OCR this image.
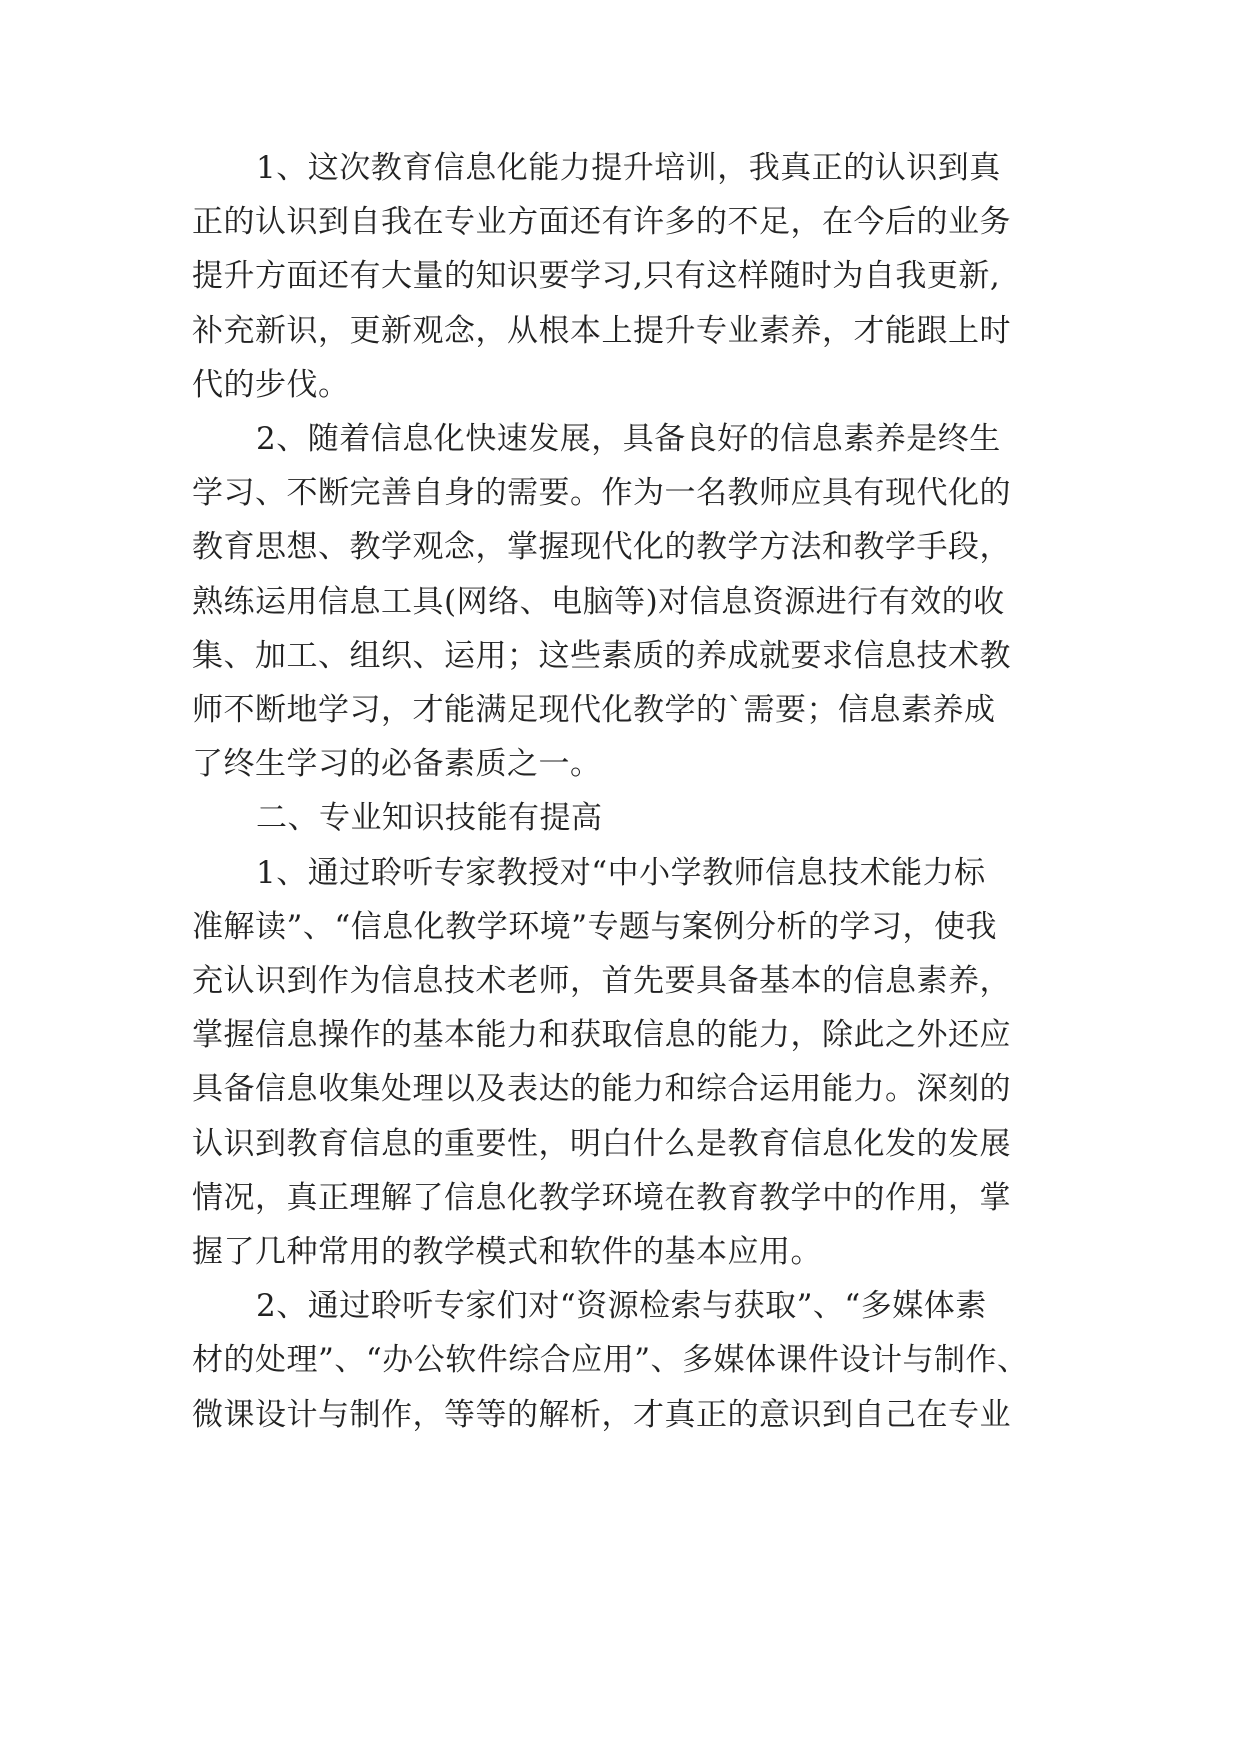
1、这次教育信息化能力提升培训，我真正的认识到真
正的认识到自我在专业方面还有许多的不足，在今后的业务
提升方面还有大量的知识要学习,只有这样随时为自我更新,
补充新识，更新观念，从根本上提升专业素养，才能跟上时
代的步伐。
2、随着信息化快速发展，具备良好的信息素养是终生
学习、不断完善自身的需要。作为一名教师应具有现代化的
教育思想、教学观念，掌握现代化的教学方法和教学手段，
熟练运用信息工具(网络、电脑等)对信息资源进行有效的收
集、加工、组织、运用；这些素质的养成就要求信息技术教
师不断地学习，才能满足现代化教学的`需要；信息素养成
了终生学习的必备素质之一。
二、专业知识技能有提高
1、通过聆听专家教授对“中小学教师信息技术能力标
准解读”、“信息化教学环境”专题与案例分析的学习，使我
充认识到作为信息技术老师，首先要具备基本的信息素养，
掌握信息操作的基本能力和获取信息的能力，除此之外还应
具备信息收集处理以及表达的能力和综合运用能力。深刻的
认识到教育信息的重要性，明白什么是教育信息化发的发展
情况，真正理解了信息化教学环境在教育教学中的作用，掌
握了几种常用的教学模式和软件的基本应用。
2、通过聆听专家们对“资源检索与获取”、“多媒体素
材的处理”、“办公软件综合应用”、多媒体课件设计与制作、
微课设计与制作，等等的解析，才真正的意识到自己在专业
